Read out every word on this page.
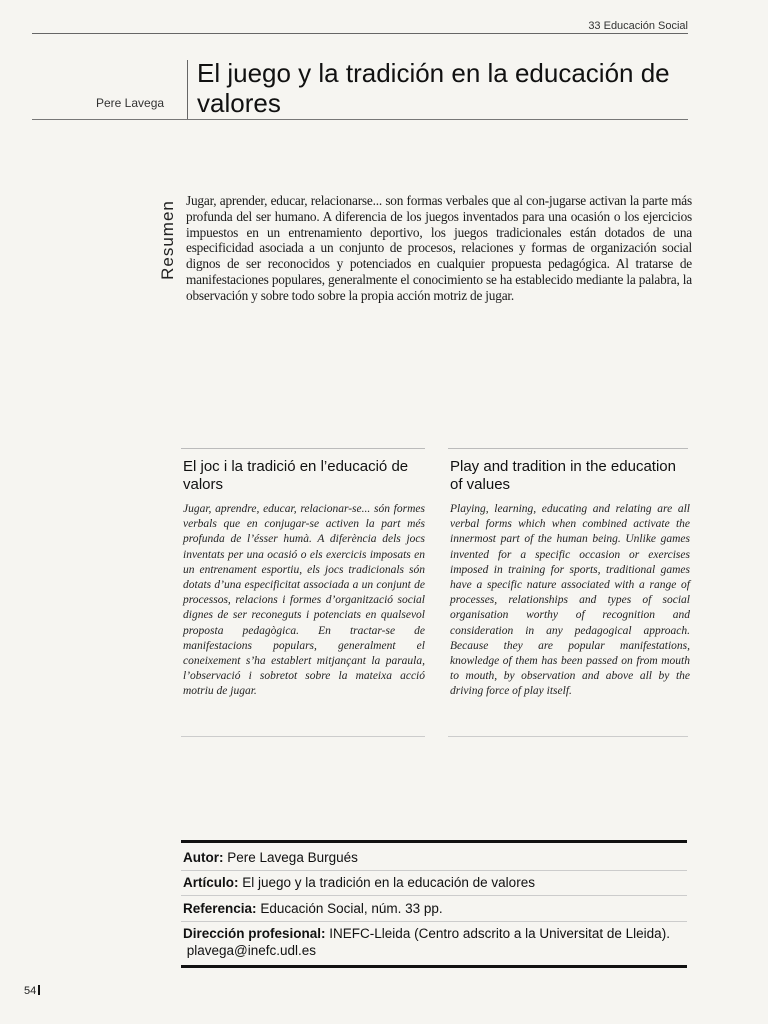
33 Educación Social
Pere Lavega
El juego y la tradición en la educación de valores
Resumen Jugar, aprender, educar, relacionarse... son formas verbales que al con-jugarse activan la parte más profunda del ser humano. A diferencia de los juegos inventados para una ocasión o los ejercicios impuestos en un entrenamiento deportivo, los juegos tradicionales están dotados de una especificidad asociada a un conjunto de procesos, relaciones y formas de organización social dignos de ser reconocidos y potenciados en cualquier propuesta pedagógica. Al tratarse de manifestaciones populares, generalmente el conocimiento se ha establecido mediante la palabra, la observación y sobre todo sobre la propia acción motriz de jugar.
El joc i la tradició en l’educació de valors
Jugar, aprendre, educar, relacionar-se... són formes verbals que en conjugar-se activen la part més profunda de l’ésser humà. A diferència dels jocs inventats per una ocasió o els exercicis imposats en un entrenament esportiu, els jocs tradicionals són dotats d’una especificitat associada a un conjunt de processos, relacions i formes d’organització social dignes de ser reconeguts i potenciats en qualsevol proposta pedagògica. En tractar-se de manifestacions populars, generalment el coneixement s’ha establert mitjançant la paraula, l’observació i sobretot sobre la mateixa acció motriu de jugar.
Play and tradition in the education of values
Playing, learning, educating and relating are all verbal forms which when combined activate the innermost part of the human being. Unlike games invented for a specific occasion or exercises imposed in training for sports, traditional games have a specific nature associated with a range of processes, relationships and types of social organisation worthy of recognition and consideration in any pedagogical approach. Because they are popular manifestations, knowledge of them has been passed on from mouth to mouth, by observation and above all by the driving force of play itself.
Autor: Pere Lavega Burgués
Artículo: El juego y la tradición en la educación de valores
Referencia: Educación Social, núm. 33 pp.
Dirección profesional: INEFC-Lleida (Centro adscrito a la Universitat de Lleida).  plavega@inefc.udl.es
54
